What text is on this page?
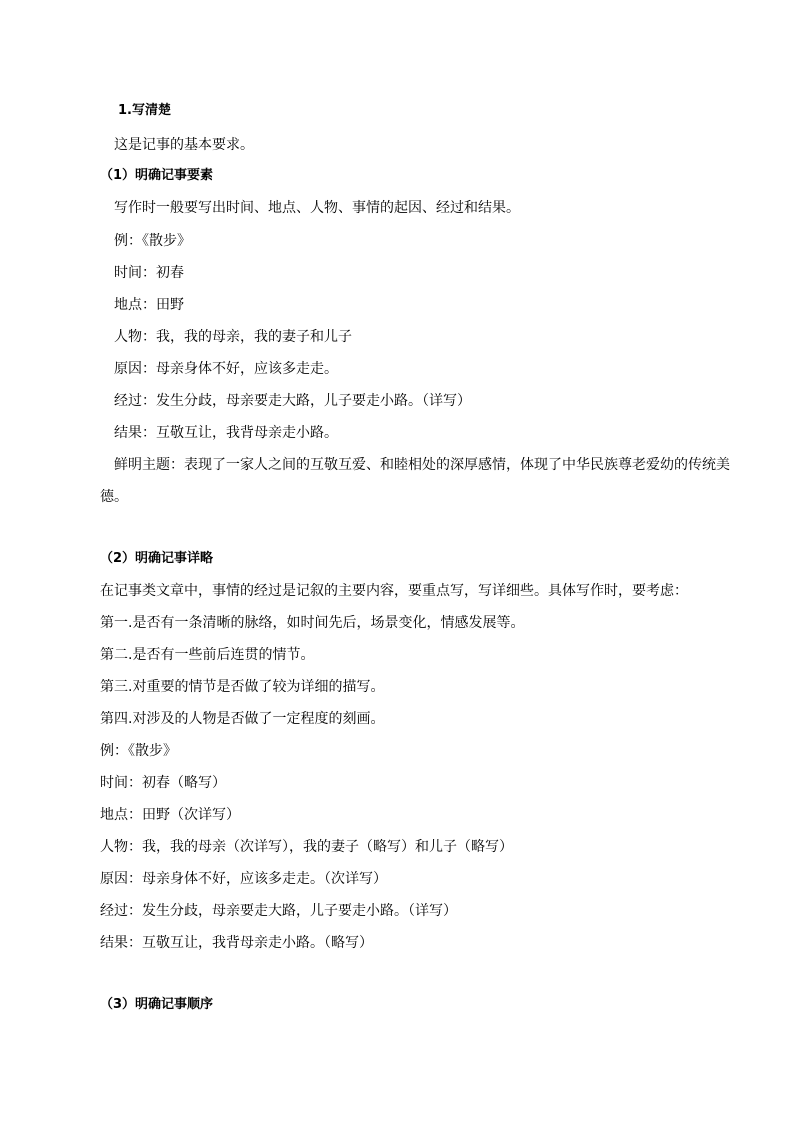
1.写清楚
这是记事的基本要求。
（1）明确记事要素
写作时一般要写出时间、地点、人物、事情的起因、经过和结果。
例：《散步》
时间：初春
地点：田野
人物：我，我的母亲，我的妻子和儿子
原因：母亲身体不好，应该多走走。
经过：发生分歧，母亲要走大路，儿子要走小路。（详写）
结果：互敬互让，我背母亲走小路。
鲜明主题：表现了一家人之间的互敬互爱、和睦相处的深厚感情，体现了中华民族尊老爱幼的传统美
德。
（2）明确记事详略
在记事类文章中，事情的经过是记叙的主要内容，要重点写，写详细些。具体写作时，要考虑：
第一.是否有一条清晰的脉络，如时间先后，场景变化，情感发展等。
第二.是否有一些前后连贯的情节。
第三.对重要的情节是否做了较为详细的描写。
第四.对涉及的人物是否做了一定程度的刻画。
例：《散步》
时间：初春（略写）
地点：田野（次详写）
人物：我，我的母亲（次详写），我的妻子（略写）和儿子（略写）
原因：母亲身体不好，应该多走走。（次详写）
经过：发生分歧，母亲要走大路，儿子要走小路。（详写）
结果：互敬互让，我背母亲走小路。（略写）
（3）明确记事顺序
